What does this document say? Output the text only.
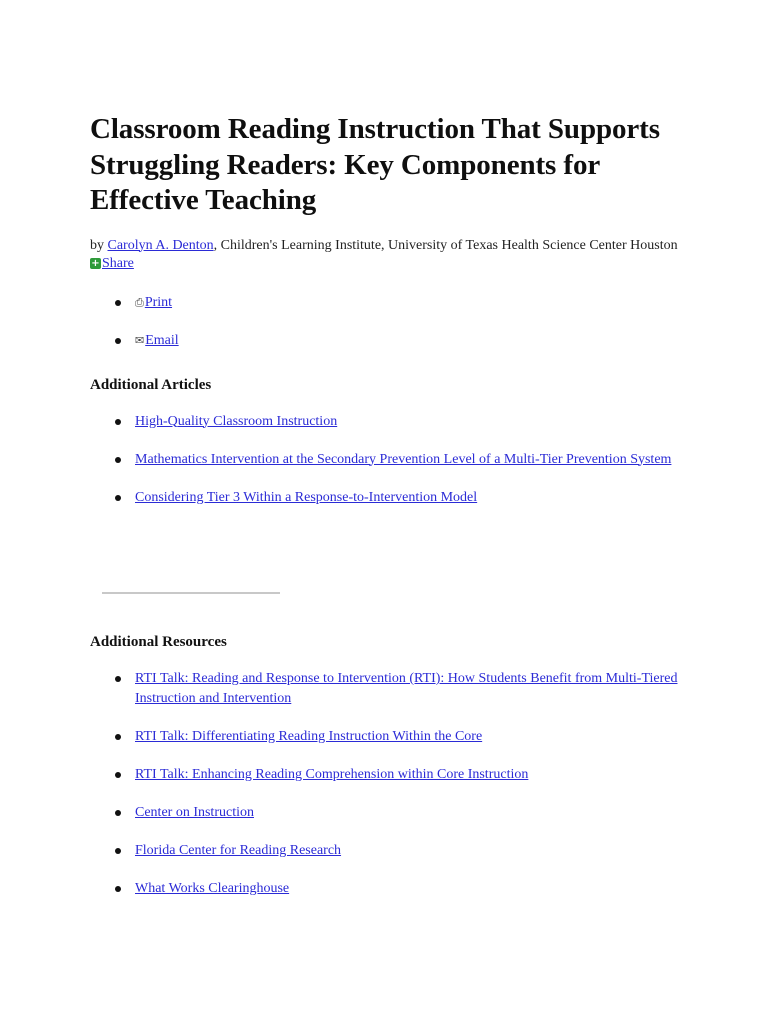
Classroom Reading Instruction That Supports Struggling Readers: Key Components for Effective Teaching
by Carolyn A. Denton, Children's Learning Institute, University of Texas Health Science Center Houston
+ Share
⎙Print
✉Email
Additional Articles
High-Quality Classroom Instruction
Mathematics Intervention at the Secondary Prevention Level of a Multi-Tier Prevention System
Considering Tier 3 Within a Response-to-Intervention Model
Additional Resources
RTI Talk: Reading and Response to Intervention (RTI): How Students Benefit from Multi-Tiered Instruction and Intervention
RTI Talk: Differentiating Reading Instruction Within the Core
RTI Talk: Enhancing Reading Comprehension within Core Instruction
Center on Instruction
Florida Center for Reading Research
What Works Clearinghouse
